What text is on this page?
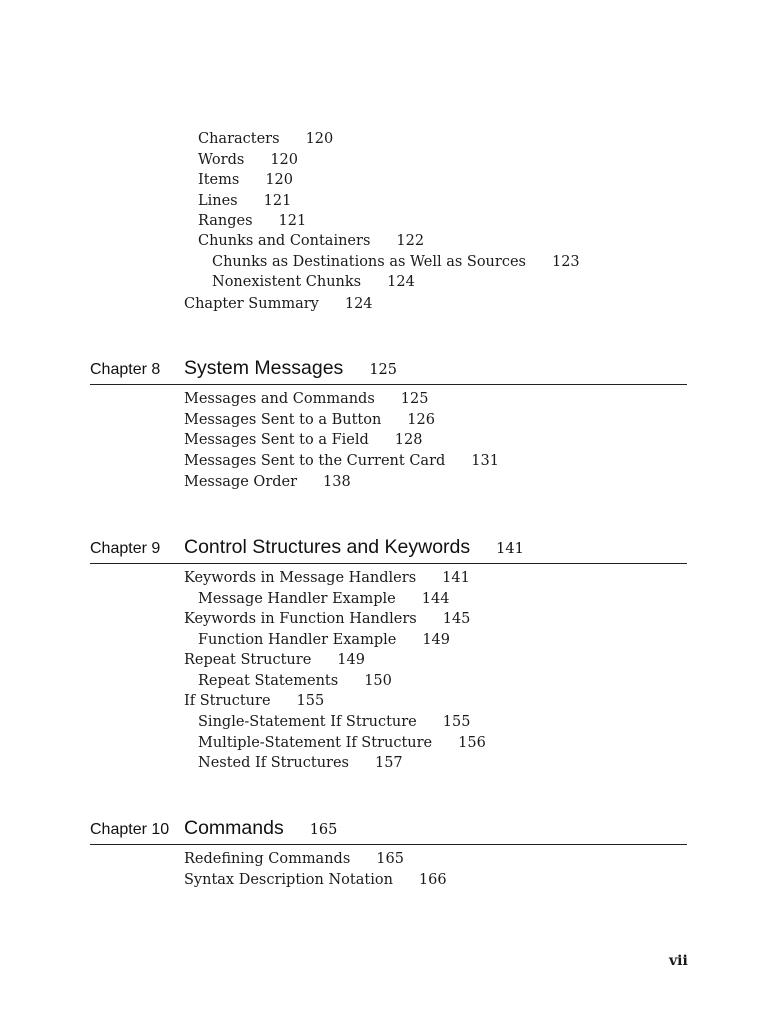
Characters 120
Words 120
Items 120
Lines 121
Ranges 121
Chunks and Containers 122
Chunks as Destinations as Well as Sources 123
Nonexistent Chunks 124
Chapter Summary 124
Chapter 8 System Messages 125
Messages and Commands 125
Messages Sent to a Button 126
Messages Sent to a Field 128
Messages Sent to the Current Card 131
Message Order 138
Chapter 9 Control Structures and Keywords 141
Keywords in Message Handlers 141
Message Handler Example 144
Keywords in Function Handlers 145
Function Handler Example 149
Repeat Structure 149
Repeat Statements 150
If Structure 155
Single-Statement If Structure 155
Multiple-Statement If Structure 156
Nested If Structures 157
Chapter 10 Commands 165
Redefining Commands 165
Syntax Description Notation 166
vii
